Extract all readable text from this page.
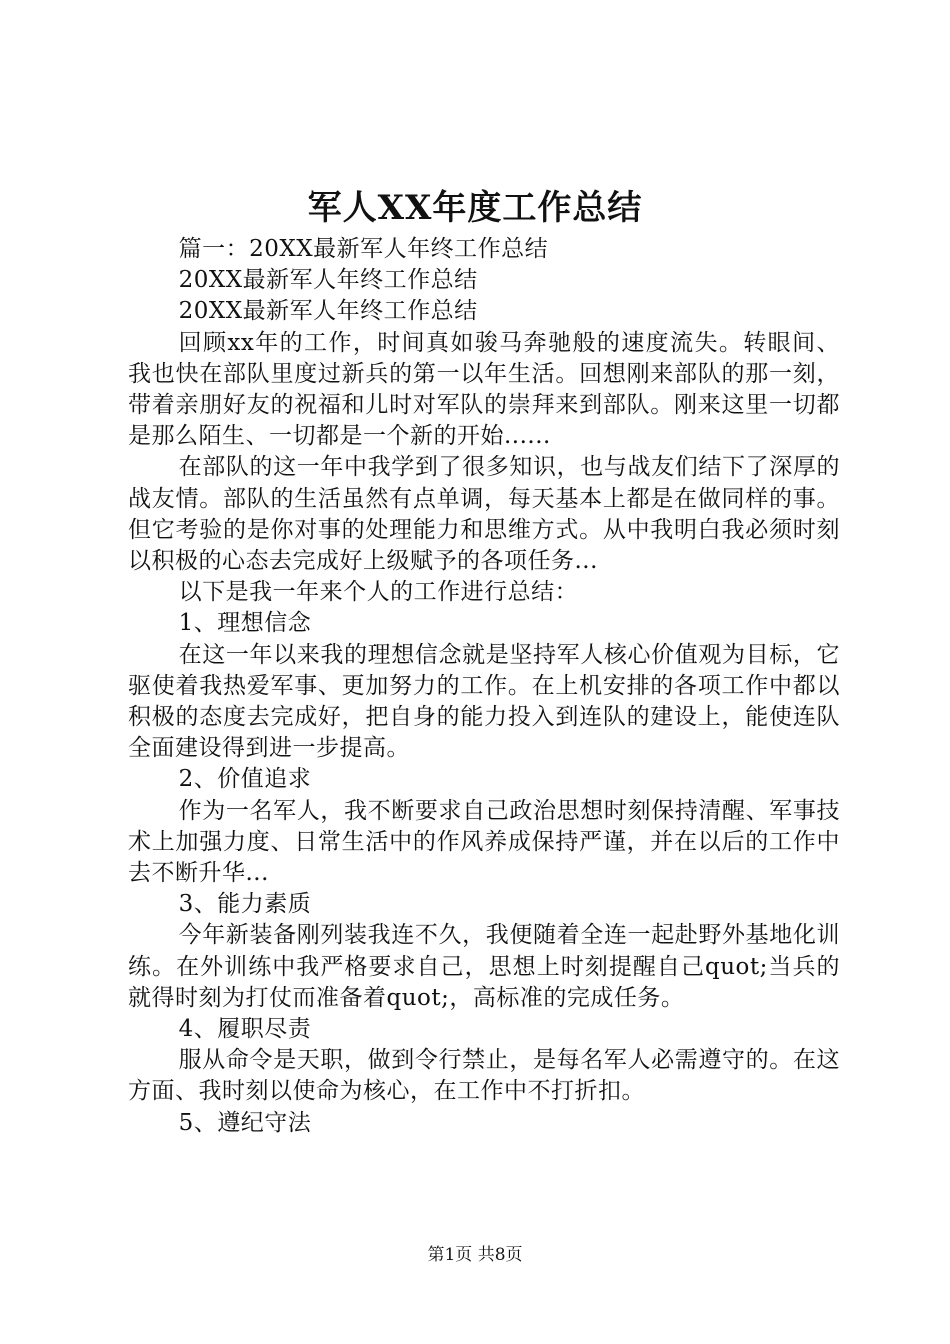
军人XX年度工作总结

篇一：20XX最新军人年终工作总结

20XX最新军人年终工作总结

20XX最新军人年终工作总结

回顾xx年的工作，时间真如骏马奔驰般的速度流失。转眼间、我也快在部队里度过新兵的第一以年生活。回想刚来部队的那一刻，带着亲朋好友的祝福和儿时对军队的崇拜来到部队。刚来这里一切都是那么陌生、一切都是一个新的开始......

在部队的这一年中我学到了很多知识，也与战友们结下了深厚的战友情。部队的生活虽然有点单调，每天基本上都是在做同样的事。但它考验的是你对事的处理能力和思维方式。从中我明白我必须时刻以积极的心态去完成好上级赋予的各项任务...

以下是我一年来个人的工作进行总结：

1、理想信念

在这一年以来我的理想信念就是坚持军人核心价值观为目标，它驱使着我热爱军事、更加努力的工作。在上机安排的各项工作中都以积极的态度去完成好，把自身的能力投入到连队的建设上，能使连队全面建设得到进一步提高。

2、价值追求

作为一名军人，我不断要求自己政治思想时刻保持清醒、军事技术上加强力度、日常生活中的作风养成保持严谨，并在以后的工作中去不断升华...

3、能力素质

今年新装备刚列装我连不久，我便随着全连一起赴野外基地化训练。在外训练中我严格要求自己，思想上时刻提醒自己quot;当兵的就得时刻为打仗而准备着quot;，高标准的完成任务。

4、履职尽责

服从命令是天职，做到令行禁止，是每名军人必需遵守的。在这方面、我时刻以使命为核心，在工作中不打折扣。

5、遵纪守法

第1页 共8页
